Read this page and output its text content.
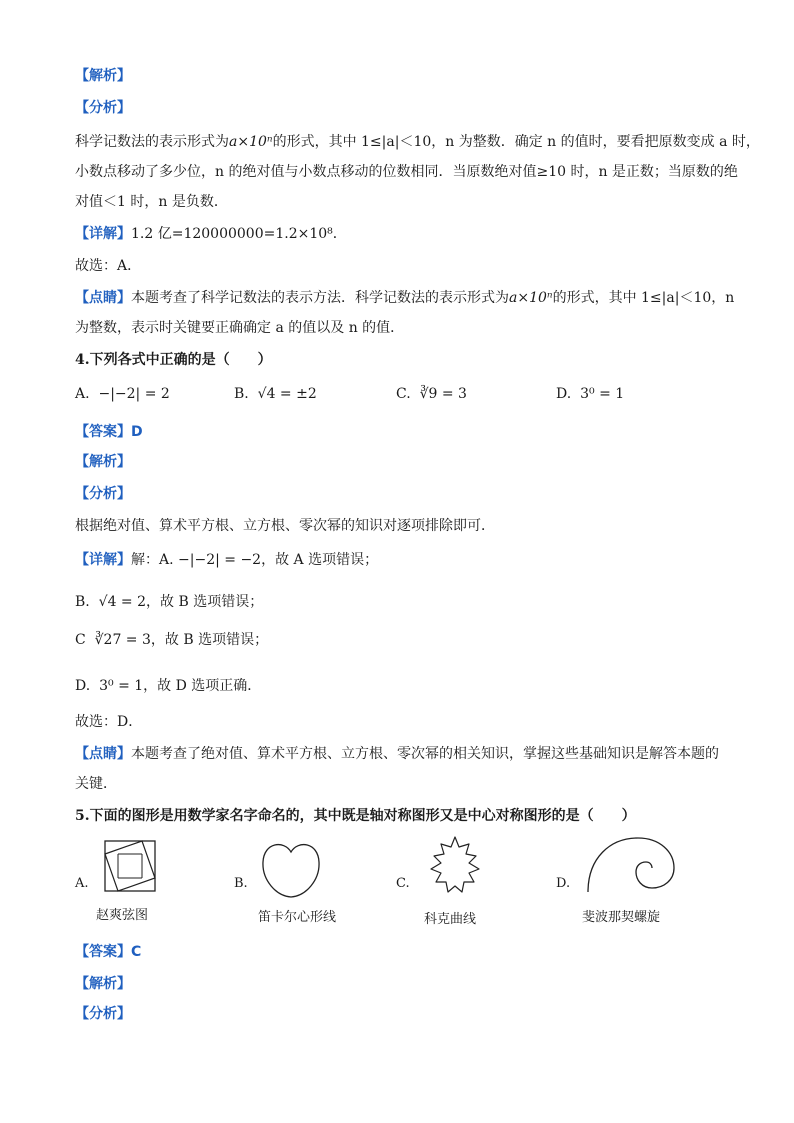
【解析】
【分析】
科学记数法的表示形式为a×10ⁿ的形式，其中 1≤|a|＜10，n 为整数．确定 n 的值时，要看把原数变成 a 时，
小数点移动了多少位，n 的绝对值与小数点移动的位数相同．当原数绝对值≥10 时，n 是正数；当原数的绝
对值＜1 时，n 是负数．
【详解】1.2 亿=120000000=1.2×10⁸．
故选：A．
【点睛】本题考查了科学记数法的表示方法．科学记数法的表示形式为a×10ⁿ的形式，其中 1≤|a|＜10，n
为整数，表示时关键要正确确定 a 的值以及 n 的值．
4.下列各式中正确的是（　　）
A. −|−2| = 2	B. √4 = ±2	C. ∛9 = 3	D. 3⁰ = 1
【答案】D
【解析】
【分析】
根据绝对值、算术平方根、立方根、零次幂的知识对逐项排除即可．
【详解】解：A. −|−2| = −2，故 A 选项错误；
B. √4 = 2，故 B 选项错误；
C ∛27 = 3，故 B 选项错误；
D. 3⁰ = 1，故 D 选项正确．
故选：D．
【点睛】本题考查了绝对值、算术平方根、立方根、零次幂的相关知识，掌握这些基础知识是解答本题的
关键．
5.下面的图形是用数学家名字命名的，其中既是轴对称图形又是中心对称图形的是（　　）
A.
赵爽弦图
B.
笛卡尔心形线
C.
科克曲线
D.
斐波那契螺旋
【答案】C
【解析】
【分析】
